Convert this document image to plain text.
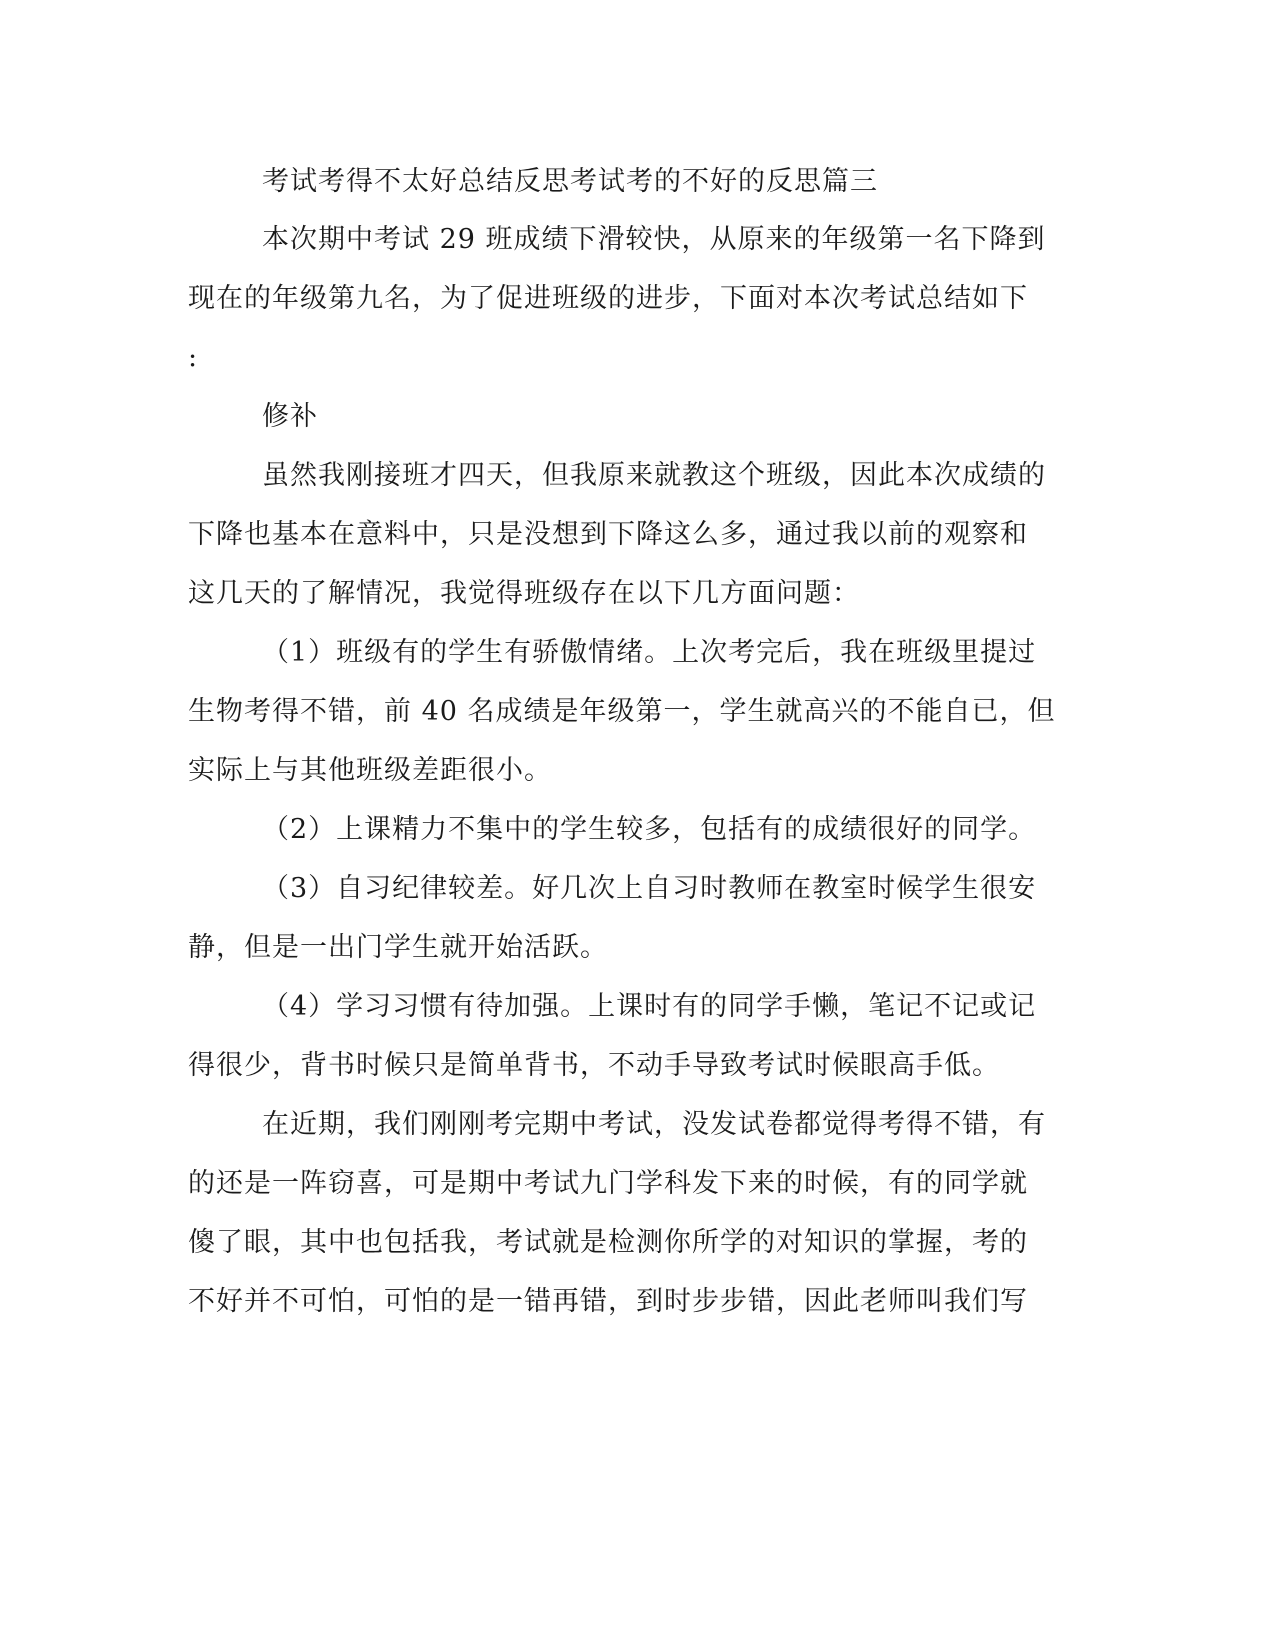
考试考得不太好总结反思考试考的不好的反思篇三
本次期中考试 29 班成绩下滑较快，从原来的年级第一名下降到
现在的年级第九名，为了促进班级的进步，下面对本次考试总结如下
:
修补
虽然我刚接班才四天，但我原来就教这个班级，因此本次成绩的
下降也基本在意料中，只是没想到下降这么多，通过我以前的观察和
这几天的了解情况，我觉得班级存在以下几方面问题：
（1）班级有的学生有骄傲情绪。上次考完后，我在班级里提过
生物考得不错，前 40 名成绩是年级第一，学生就高兴的不能自已，但
实际上与其他班级差距很小。
（2）上课精力不集中的学生较多，包括有的成绩很好的同学。
（3）自习纪律较差。好几次上自习时教师在教室时候学生很安
静，但是一出门学生就开始活跃。
（4）学习习惯有待加强。上课时有的同学手懒，笔记不记或记
得很少，背书时候只是简单背书，不动手导致考试时候眼高手低。
在近期，我们刚刚考完期中考试，没发试卷都觉得考得不错，有
的还是一阵窃喜，可是期中考试九门学科发下来的时候，有的同学就
傻了眼，其中也包括我，考试就是检测你所学的对知识的掌握，考的
不好并不可怕，可怕的是一错再错，到时步步错，因此老师叫我们写
